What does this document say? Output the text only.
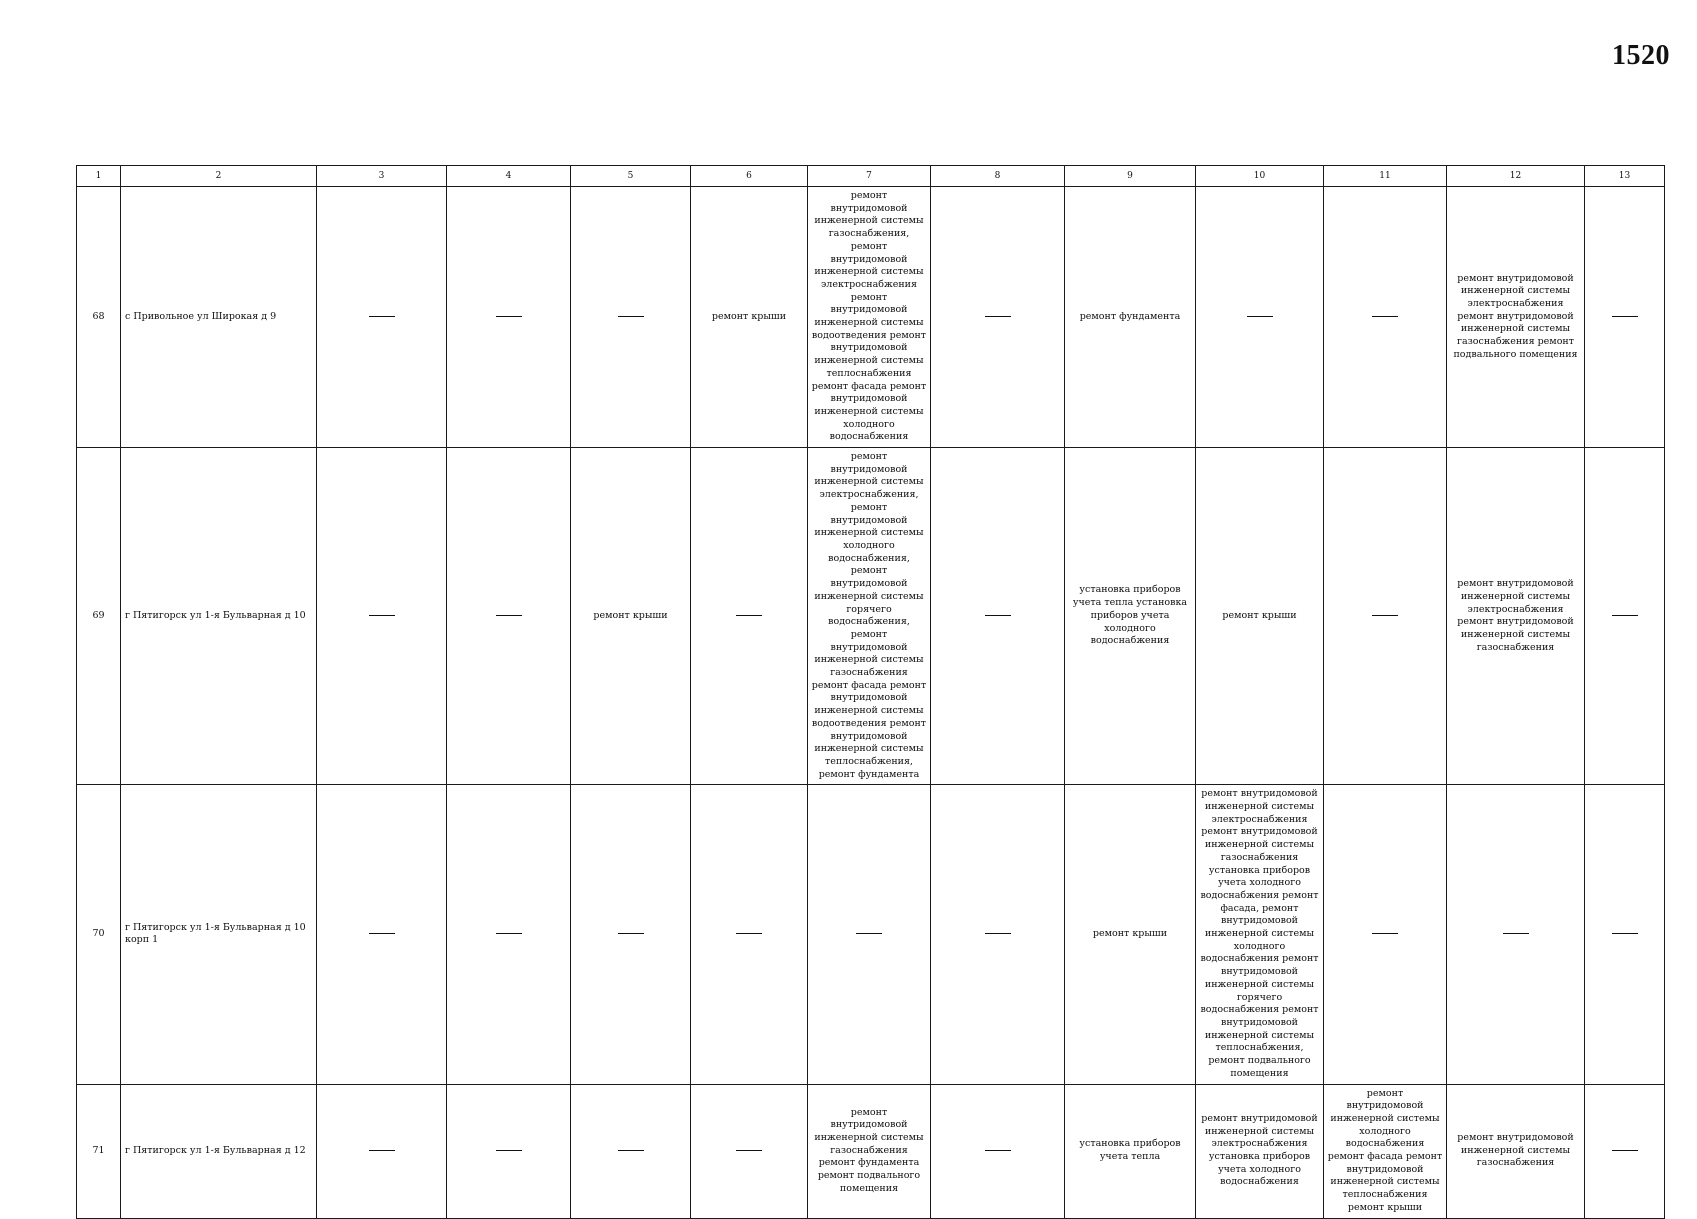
1520
1	2	3	4	5	6	7	8	9	10	11	12	13
68	с Привольное ул Широкая д 9				ремонт крыши	ремонт внутридомовой инженерной системы газоснабжения, ремонт внутридомовой инженерной системы электроснабжения ремонт внутридомовой инженерной системы водоотведения ремонт внутридомовой инженерной системы теплоснабжения ремонт фасада ремонт внутридомовой инженерной системы холодного водоснабжения		ремонт фундамента			ремонт внутридомовой инженерной системы электроснабжения ремонт внутридомовой инженерной системы газоснабжения ремонт подвального помещения	
69	г Пятигорск ул 1-я Бульварная д 10			ремонт крыши		ремонт внутридомовой инженерной системы электроснабжения, ремонт внутридомовой инженерной системы холодного водоснабжения, ремонт внутридомовой инженерной системы горячего водоснабжения, ремонт внутридомовой инженерной системы газоснабжения ремонт фасада ремонт внутридомовой инженерной системы водоотведения ремонт внутридомовой инженерной системы теплоснабжения, ремонт фундамента		установка приборов учета тепла установка приборов учета холодного водоснабжения	ремонт крыши		ремонт внутридомовой инженерной системы электроснабжения ремонт внутридомовой инженерной системы газоснабжения	
70	г Пятигорск ул 1-я Бульварная д 10 корп 1							ремонт крыши	ремонт внутридомовой инженерной системы электроснабжения ремонт внутридомовой инженерной системы газоснабжения установка приборов учета холодного водоснабжения ремонт фасада, ремонт внутридомовой инженерной системы холодного водоснабжения ремонт внутридомовой инженерной системы горячего водоснабжения ремонт внутридомовой инженерной системы теплоснабжения, ремонт подвального помещения			
71	г Пятигорск ул 1-я Бульварная д 12					ремонт внутридомовой инженерной системы газоснабжения ремонт фундамента ремонт подвального помещения		установка приборов учета тепла	ремонт внутридомовой инженерной системы электроснабжения установка приборов учета холодного водоснабжения	ремонт внутридомовой инженерной системы холодного водоснабжения ремонт фасада ремонт внутридомовой инженерной системы теплоснабжения ремонт крыши	ремонт внутридомовой инженерной системы газоснабжения	
